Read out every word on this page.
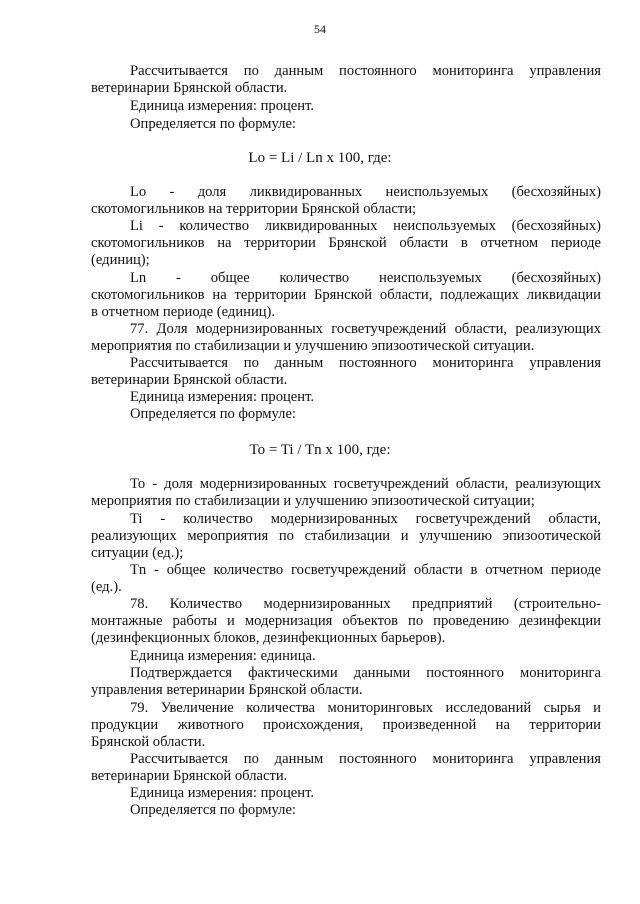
54
Рассчитывается по данным постоянного мониторинга управления
ветеринарии Брянской области.
Единица измерения: процент.
Определяется по формуле:
Lo = Li / Ln x 100, где:
Lo - доля ликвидированных неиспользуемых (бесхозяйных)
скотомогильников на территории Брянской области;
Li - количество ликвидированных неиспользуемых (бесхозяйных)
скотомогильников на территории Брянской области в отчетном периоде
(единиц);
Ln - общее количество неиспользуемых (бесхозяйных)
скотомогильников на территории Брянской области, подлежащих ликвидации
в отчетном периоде (единиц).
77. Доля модернизированных госветучреждений области, реализующих
мероприятия по стабилизации и улучшению эпизоотической ситуации.
Рассчитывается по данным постоянного мониторинга управления
ветеринарии Брянской области.
Единица измерения: процент.
Определяется по формуле:
To = Ti / Tn x 100, где:
To - доля модернизированных госветучреждений области, реализующих
мероприятия по стабилизации и улучшению эпизоотической ситуации;
Ti - количество модернизированных госветучреждений области,
реализующих мероприятия по стабилизации и улучшению эпизоотической
ситуации (ед.);
Tn - общее количество госветучреждений области в отчетном периоде
(ед.).
78. Количество модернизированных предприятий (строительно-
монтажные работы и модернизация объектов по проведению дезинфекции
(дезинфекционных блоков, дезинфекционных барьеров).
Единица измерения: единица.
Подтверждается фактическими данными постоянного мониторинга
управления ветеринарии Брянской области.
79. Увеличение количества мониторинговых исследований сырья и
продукции животного происхождения, произведенной на территории
Брянской области.
Рассчитывается по данным постоянного мониторинга управления
ветеринарии Брянской области.
Единица измерения: процент.
Определяется по формуле:
